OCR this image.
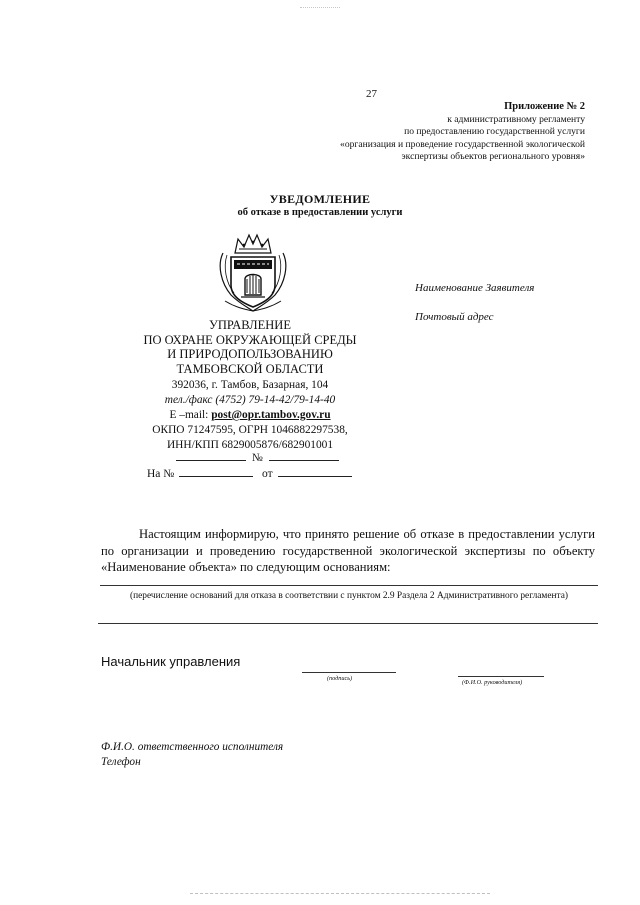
27
Приложение № 2
к административному регламенту
по предоставлению государственной услуги
«организация и проведение государственной экологической
экспертизы объектов регионального уровня»
УВЕДОМЛЕНИЕ
об отказе в предоставлении услуги
Наименование Заявителя
Почтовый адрес
УПРАВЛЕНИЕ
ПО ОХРАНЕ ОКРУЖАЮЩЕЙ СРЕДЫ
И ПРИРОДОПОЛЬЗОВАНИЮ
ТАМБОВСКОЙ ОБЛАСТИ
392036, г. Тамбов, Базарная, 104
тел./факс (4752) 79-14-42/79-14-40
E –mail: post@opr.tambov.gov.ru
ОКПО 71247595, ОГРН 1046882297538,
ИНН/КПП 6829005876/682901001
№
На №	от
Настоящим информирую, что принято решение об отказе в предоставлении услуги по организации и проведению государственной экологической экспертизы по объекту «Наименование объекта» по следующим основаниям:
(перечисление оснований для отказа в соответствии с пунктом 2.9 Раздела 2 Административного регламента)
Начальник управления
(подпись)
(Ф.И.О. руководителя)
Ф.И.О. ответственного исполнителя
Телефон
